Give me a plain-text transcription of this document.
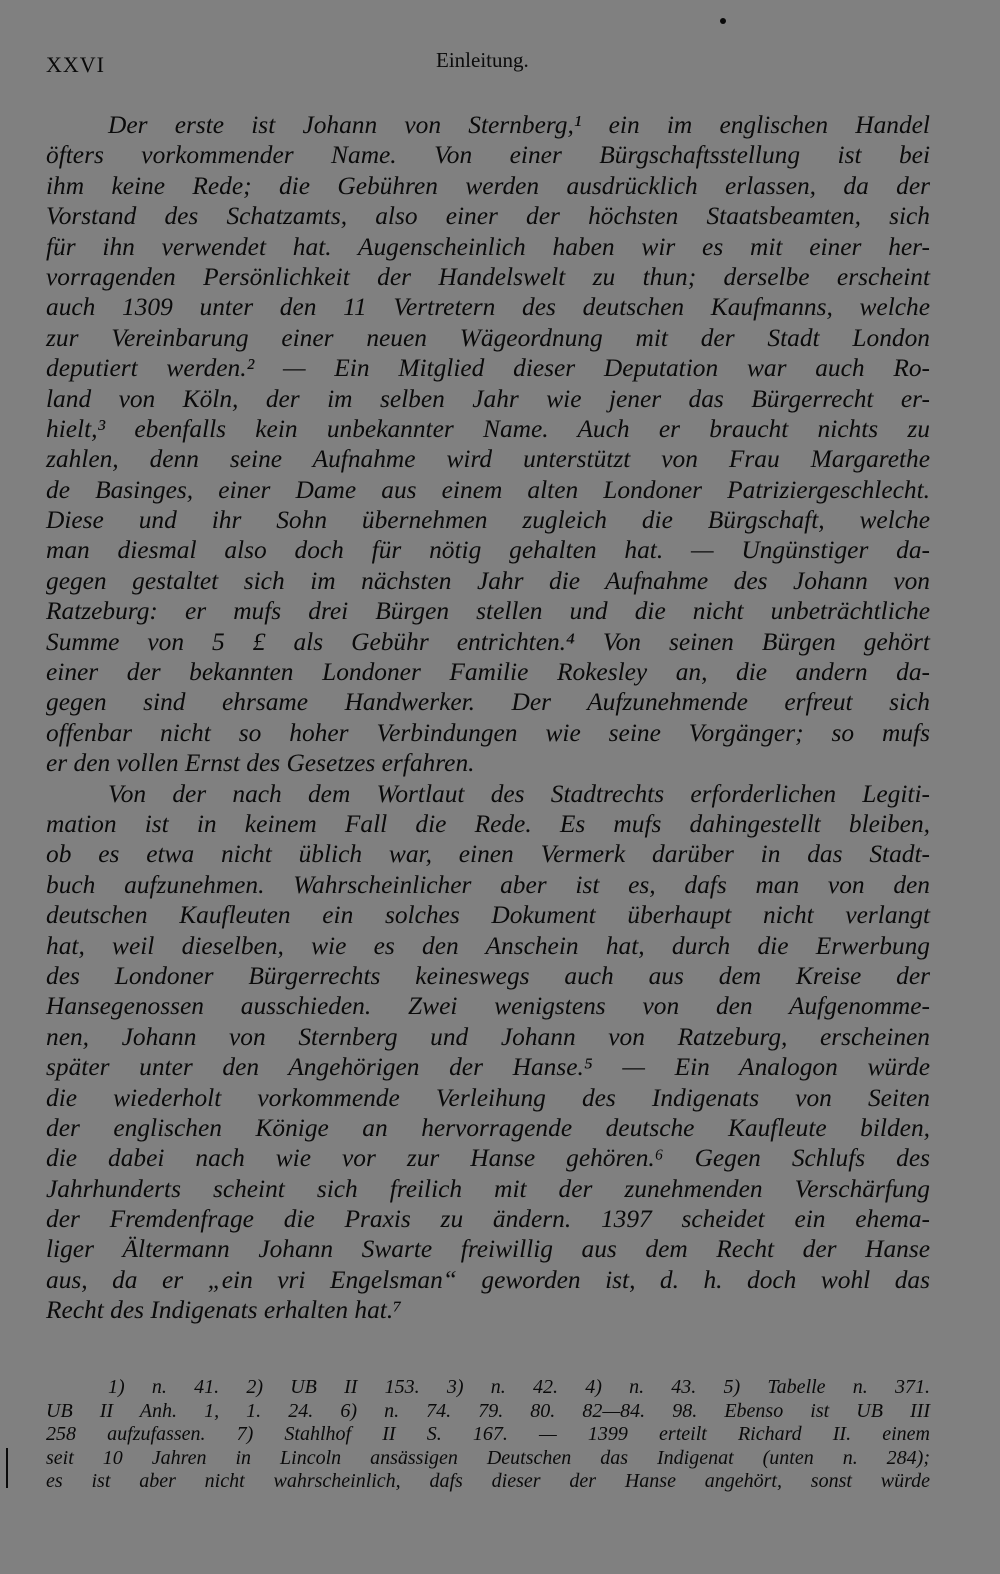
XXVI	Einleitung.
Der erste ist Johann von Sternberg,¹ ein im englischen Handel
öfters vorkommender Name. Von einer Bürgschaftsstellung ist bei
ihm keine Rede; die Gebühren werden ausdrücklich erlassen, da der
Vorstand des Schatzamts, also einer der höchsten Staatsbeamten, sich
für ihn verwendet hat. Augenscheinlich haben wir es mit einer her-
vorragenden Persönlichkeit der Handelswelt zu thun; derselbe erscheint
auch 1309 unter den 11 Vertretern des deutschen Kaufmanns, welche
zur Vereinbarung einer neuen Wägeordnung mit der Stadt London
deputiert werden.² — Ein Mitglied dieser Deputation war auch Ro-
land von Köln, der im selben Jahr wie jener das Bürgerrecht er-
hielt,³ ebenfalls kein unbekannter Name. Auch er braucht nichts zu
zahlen, denn seine Aufnahme wird unterstützt von Frau Margarethe
de Basinges, einer Dame aus einem alten Londoner Patriziergeschlecht.
Diese und ihr Sohn übernehmen zugleich die Bürgschaft, welche
man diesmal also doch für nötig gehalten hat. — Ungünstiger da-
gegen gestaltet sich im nächsten Jahr die Aufnahme des Johann von
Ratzeburg: er mufs drei Bürgen stellen und die nicht unbeträchtliche
Summe von 5 £ als Gebühr entrichten.⁴ Von seinen Bürgen gehört
einer der bekannten Londoner Familie Rokesley an, die andern da-
gegen sind ehrsame Handwerker. Der Aufzunehmende erfreut sich
offenbar nicht so hoher Verbindungen wie seine Vorgänger; so mufs
er den vollen Ernst des Gesetzes erfahren.
Von der nach dem Wortlaut des Stadtrechts erforderlichen Legiti-
mation ist in keinem Fall die Rede. Es mufs dahingestellt bleiben,
ob es etwa nicht üblich war, einen Vermerk darüber in das Stadt-
buch aufzunehmen. Wahrscheinlicher aber ist es, dafs man von den
deutschen Kaufleuten ein solches Dokument überhaupt nicht verlangt
hat, weil dieselben, wie es den Anschein hat, durch die Erwerbung
des Londoner Bürgerrechts keineswegs auch aus dem Kreise der
Hansegenossen ausschieden. Zwei wenigstens von den Aufgenomme-
nen, Johann von Sternberg und Johann von Ratzeburg, erscheinen
später unter den Angehörigen der Hanse.⁵ — Ein Analogon würde
die wiederholt vorkommende Verleihung des Indigenats von Seiten
der englischen Könige an hervorragende deutsche Kaufleute bilden,
die dabei nach wie vor zur Hanse gehören.⁶ Gegen Schlufs des
Jahrhunderts scheint sich freilich mit der zunehmenden Verschärfung
der Fremdenfrage die Praxis zu ändern. 1397 scheidet ein ehema-
liger Ältermann Johann Swarte freiwillig aus dem Recht der Hanse
aus, da er „ein vri Engelsman“ geworden ist, d. h. doch wohl das
Recht des Indigenats erhalten hat.⁷
1) n. 41. 2) UB II 153. 3) n. 42. 4) n. 43. 5) Tabelle n. 371.
UB II Anh. 1, 1. 24. 6) n. 74. 79. 80. 82—84. 98. Ebenso ist UB III
258 aufzufassen. 7) Stahlhof II S. 167. — 1399 erteilt Richard II. einem
seit 10 Jahren in Lincoln ansässigen Deutschen das Indigenat (unten n. 284);
es ist aber nicht wahrscheinlich, dafs dieser der Hanse angehört, sonst würde
